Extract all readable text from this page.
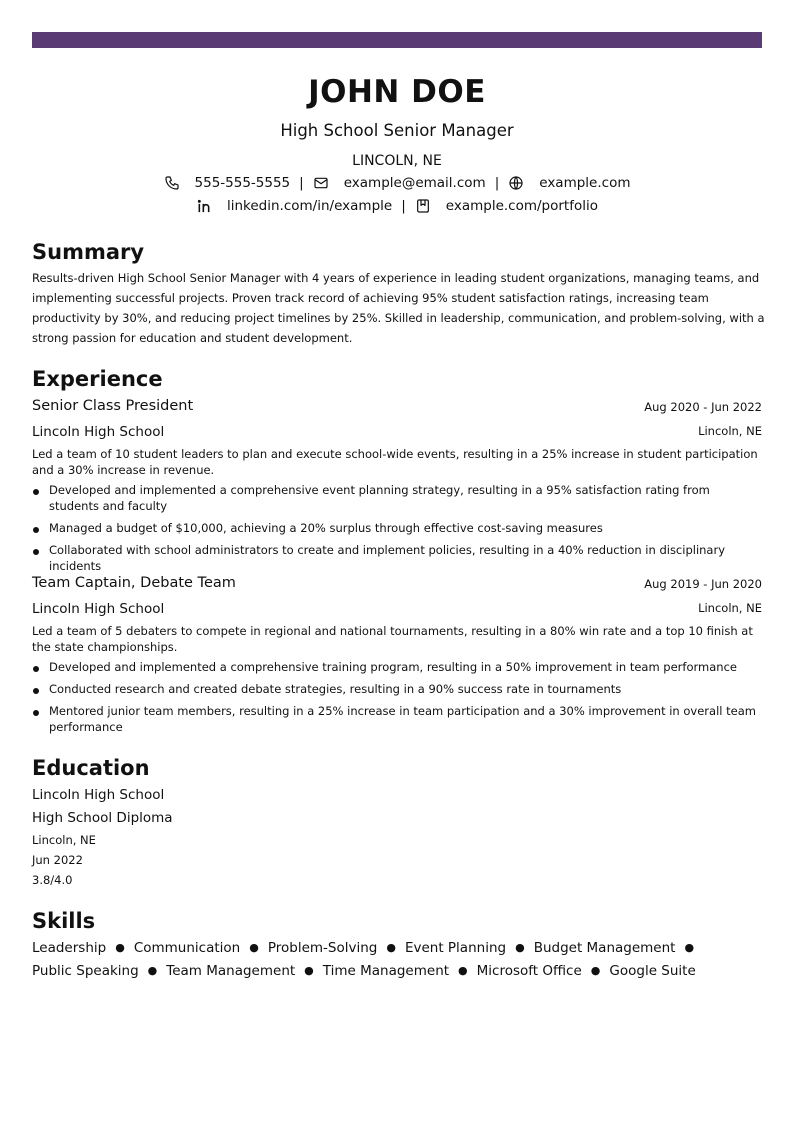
JOHN DOE
High School Senior Manager
LINCOLN, NE
555-555-5555 |	example@email.com |	example.com
linkedin.com/in/example |	example.com/portfolio
Summary
Results-driven High School Senior Manager with 4 years of experience in leading student organizations, managing teams, and implementing successful projects. Proven track record of achieving 95% student satisfaction ratings, increasing team productivity by 30%, and reducing project timelines by 25%. Skilled in leadership, communication, and problem-solving, with a strong passion for education and student development.
Experience
Senior Class President	Aug 2020 - Jun 2022
Lincoln High School	Lincoln, NE
Led a team of 10 student leaders to plan and execute school-wide events, resulting in a 25% increase in student participation and a 30% increase in revenue.
Developed and implemented a comprehensive event planning strategy, resulting in a 95% satisfaction rating from students and faculty
Managed a budget of $10,000, achieving a 20% surplus through effective cost-saving measures
Collaborated with school administrators to create and implement policies, resulting in a 40% reduction in disciplinary incidents
Team Captain, Debate Team	Aug 2019 - Jun 2020
Lincoln High School	Lincoln, NE
Led a team of 5 debaters to compete in regional and national tournaments, resulting in a 80% win rate and a top 10 finish at the state championships.
Developed and implemented a comprehensive training program, resulting in a 50% improvement in team performance
Conducted research and created debate strategies, resulting in a 90% success rate in tournaments
Mentored junior team members, resulting in a 25% increase in team participation and a 30% improvement in overall team performance
Education
Lincoln High School
High School Diploma
Lincoln, NE
Jun 2022
3.8/4.0
Skills
Leadership ● Communication ● Problem-Solving ● Event Planning ● Budget Management ●
Public Speaking ● Team Management ● Time Management ● Microsoft Office ● Google Suite
